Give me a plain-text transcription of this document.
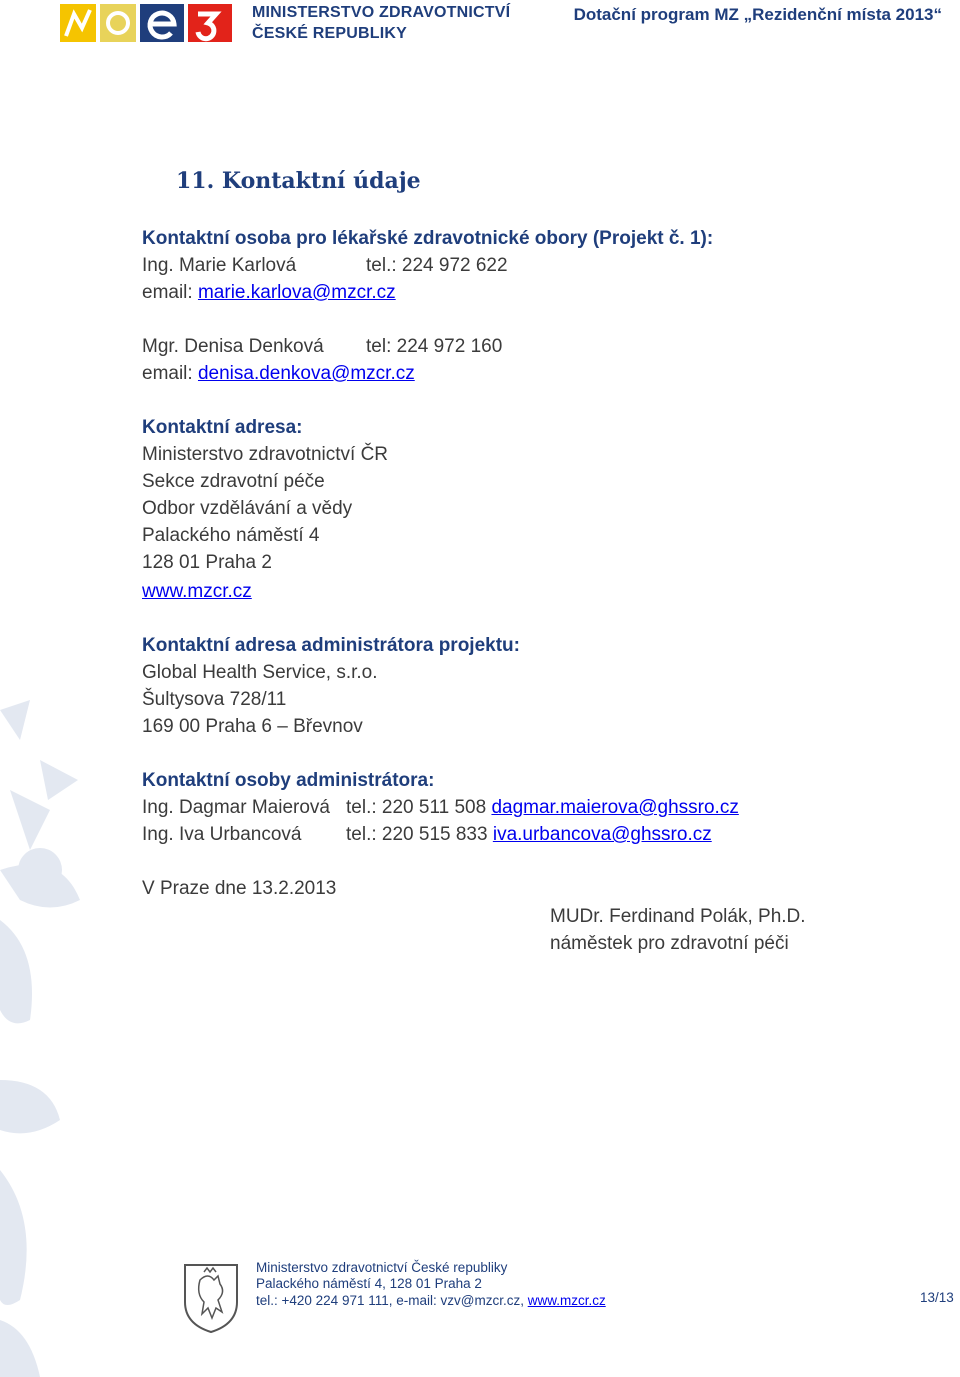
MINISTERSTVO ZDRAVOTNICTVÍ
ČESKÉ REPUBLIKY
Dotační program MZ „Rezidenční místa 2013“
11. Kontaktní údaje
Kontaktní osoba pro lékařské zdravotnické obory (Projekt č. 1):
Ing. Marie Karlová	tel.: 224 972 622
email: marie.karlova@mzcr.cz
Mgr. Denisa Denková tel: 224 972 160
email: denisa.denkova@mzcr.cz
Kontaktní adresa:
Ministerstvo zdravotnictví ČR
Sekce zdravotní péče
Odbor vzdělávání a vědy
Palackého náměstí 4
128 01 Praha 2
www.mzcr.cz
Kontaktní adresa administrátora projektu:
Global Health Service, s.r.o.
Šultysova 728/11
169 00 Praha 6 – Břevnov
Kontaktní osoby administrátora:
Ing. Dagmar Maierová tel.: 220 511 508 dagmar.maierova@ghssro.cz
Ing. Iva Urbancová tel.: 220 515 833 iva.urbancova@ghssro.cz
V Praze dne 13.2.2013
MUDr. Ferdinand Polák, Ph.D.
náměstek pro zdravotní péči
Ministerstvo zdravotnictví České republiky
Palackého náměstí 4, 128 01 Praha 2
tel.: +420 224 971 111, e-mail: vzv@mzcr.cz, www.mzcr.cz	13/13
